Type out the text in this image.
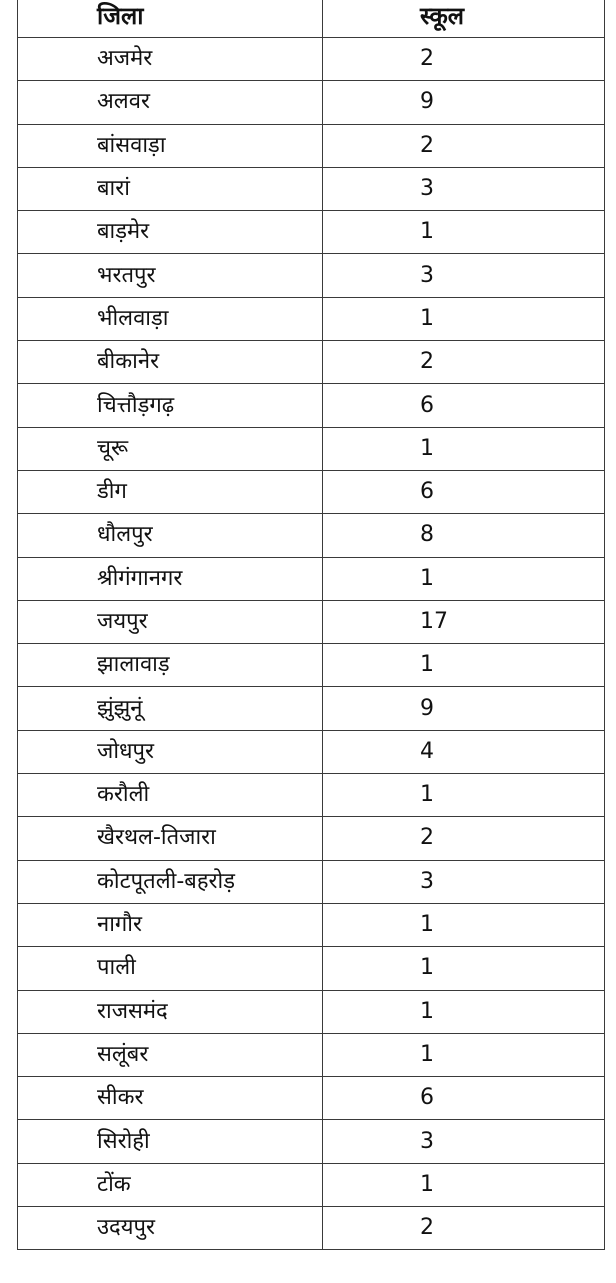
जिला	स्कूल
अजमेर	2
अलवर	9
बांसवाड़ा	2
बारां	3
बाड़मेर	1
भरतपुर	3
भीलवाड़ा	1
बीकानेर	2
चित्तौड़गढ़	6
चूरू	1
डीग	6
धौलपुर	8
श्रीगंगानगर	1
जयपुर	17
झालावाड़	1
झुंझुनूं	9
जोधपुर	4
करौली	1
खैरथल-तिजारा	2
कोटपूतली-बहरोड़	3
नागौर	1
पाली	1
राजसमंद	1
सलूंबर	1
सीकर	6
सिरोही	3
टोंक	1
उदयपुर	2
